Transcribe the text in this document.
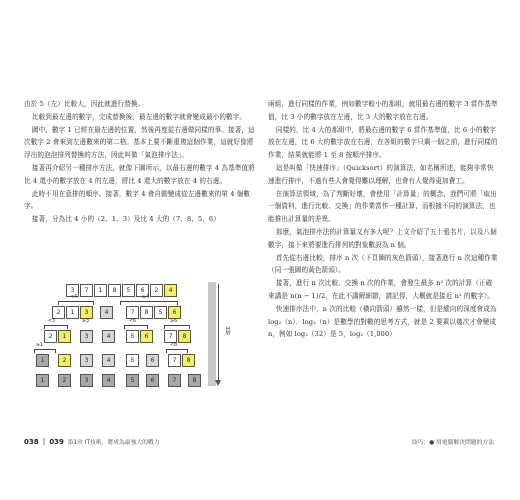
由於 5（左）比較大，因此就進行替換。

比較到最左邊的數字，完成替換後，最左邊的數字就會變成最小的數字。

圖中，數字 1 已經在最左邊的位置，然後再度從右邊做同樣的事。接著，這次數字 2 會來到左邊數來的第二格。基本上要不斷重複這個作業，這就好像將浮出的泡泡排列替換的方法，因此叫做「氣泡排序法」。

接著再介紹另一種排序方法，就像下圖所示，以最右邊的數字 4 為基準值將比 4 還小的數字放在 4 的左邊，將比 4 還大的數字放在 4 的右邊。

此時不用在意排的順序。接著，數字 4 會自動變成從左邊數來的第 4 個數字。

接著，分為比 4 小的（2、1、3）及比 4 大的（7、8、5、6）

3	7	1	8	5	6	2	4
<4	≥4
2	1	3	4	7	8	5	6
<3	≥3	<6	≥6
2	1	3	4	5	6	7	8
≥1	<8
1	2	3	4	5	6	7	8
1	2	3	4	5	6	7	8
3層
038 ｜ 039 第1章 IT技術，將成為最強大的戰力

兩組，進行同樣的作業，例如數字較小的那組，就用最右邊的數字 3 當作基準值，比 3 小的數字放在左邊，比 3 大的數字放在右邊。

同樣的，比 4 大的那組中，將最右邊的數字 6 當作基準值，比 6 小的數字放在左邊，比 6 大的數字放在右邊，在各組的數字只剩一個之前，進行同樣的作業，結果就能將 1 至 8 按順序排序。

這是叫做「快速排序」（Quicksort）的演算法，如名稱所述，能夠非常快速進行排序，不過有些人會覺得難以理解，也會有人覺得更加費工。

在演算法領域，為了判斷好壞，會使用「計算量」的概念，我們可將「取出一個資料，進行比較、交換」的作業當作一種計算，而根據不同的演算法，也能推出計算量的差異。

那麼，氣泡排序法的計算量又有多大呢？上文介紹了五十張名片，以及八個數字，接下來將要進行排列的對象數設為 n 個。

首先從右邊比較，排序 n 次（下頁圖的灰色箭頭），接著進行 n 次這種作業（同一張圖的黃色箭頭）。

接著，進行 n 次比較、交換 n 次的作業，會發生最多 n² 次的計算（正確來講是 n(n − 1)/2，在此不講解細節，請記得，大概就是接近 n² 的數字）。

快速排序法中，n 次的比較（橫向箭頭）雖然一樣，但是縱向的深度會成為 log₂（n）．log₂（n）是數學的對數的思考方式，就是 2 要乘以幾次才會變成 n，例如 log₂（32）是 5，log₂（1,000）

技巧：● 用電腦解決問題的方法
